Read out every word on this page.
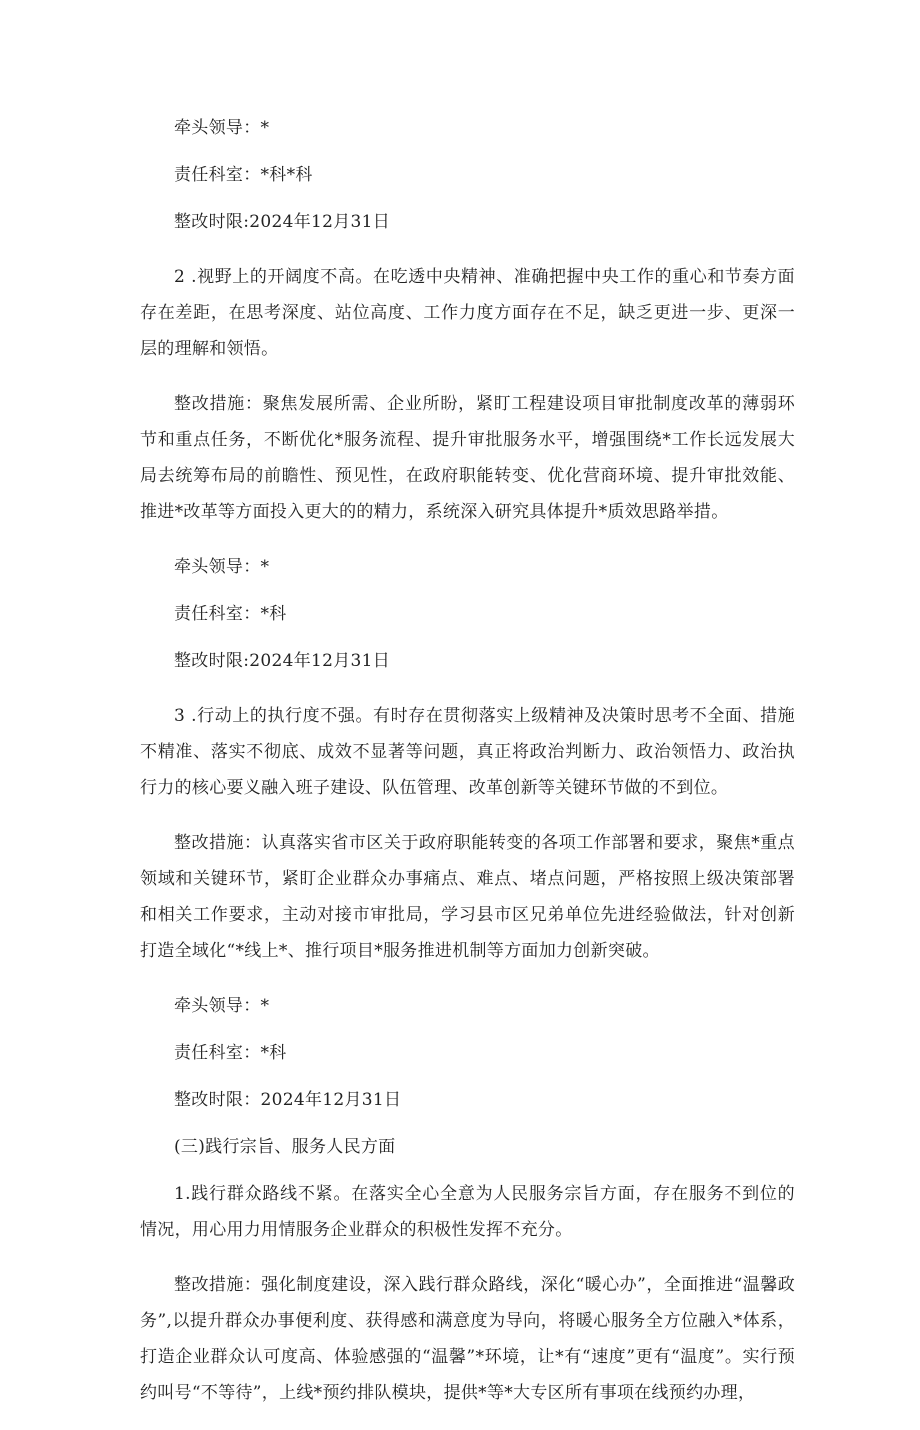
牵头领导：*

责任科室：*科*科

整改时限:2024年12月31日

2 .视野上的开阔度不高。在吃透中央精神、准确把握中央工作的重心和节奏方面存在差距，在思考深度、站位高度、工作力度方面存在不足，缺乏更进一步、更深一层的理解和领悟。

整改措施：聚焦发展所需、企业所盼，紧盯工程建设项目审批制度改革的薄弱环节和重点任务，不断优化*服务流程、提升审批服务水平，增强围绕*工作长远发展大局去统筹布局的前瞻性、预见性，在政府职能转变、优化营商环境、提升审批效能、推进*改革等方面投入更大的的精力，系统深入研究具体提升*质效思路举措。

牵头领导：*

责任科室：*科

整改时限:2024年12月31日

3 .行动上的执行度不强。有时存在贯彻落实上级精神及决策时思考不全面、措施不精准、落实不彻底、成效不显著等问题，真正将政治判断力、政治领悟力、政治执行力的核心要义融入班子建设、队伍管理、改革创新等关键环节做的不到位。

整改措施：认真落实省市区关于政府职能转变的各项工作部署和要求，聚焦*重点领域和关键环节，紧盯企业群众办事痛点、难点、堵点问题，严格按照上级决策部署和相关工作要求，主动对接市审批局，学习县市区兄弟单位先进经验做法，针对创新打造全域化“*线上*、推行项目*服务推进机制等方面加力创新突破。

牵头领导：*

责任科室：*科

整改时限：2024年12月31日

(三)践行宗旨、服务人民方面

1.践行群众路线不紧。在落实全心全意为人民服务宗旨方面，存在服务不到位的情况，用心用力用情服务企业群众的积极性发挥不充分。

整改措施：强化制度建设，深入践行群众路线，深化“暖心办”，全面推进“温馨政务”,以提升群众办事便利度、获得感和满意度为导向，将暖心服务全方位融入*体系，打造企业群众认可度高、体验感强的“温馨”*环境，让*有“速度”更有“温度”。实行预约叫号“不等待”，上线*预约排队模块，提供*等*大专区所有事项在线预约办理，
